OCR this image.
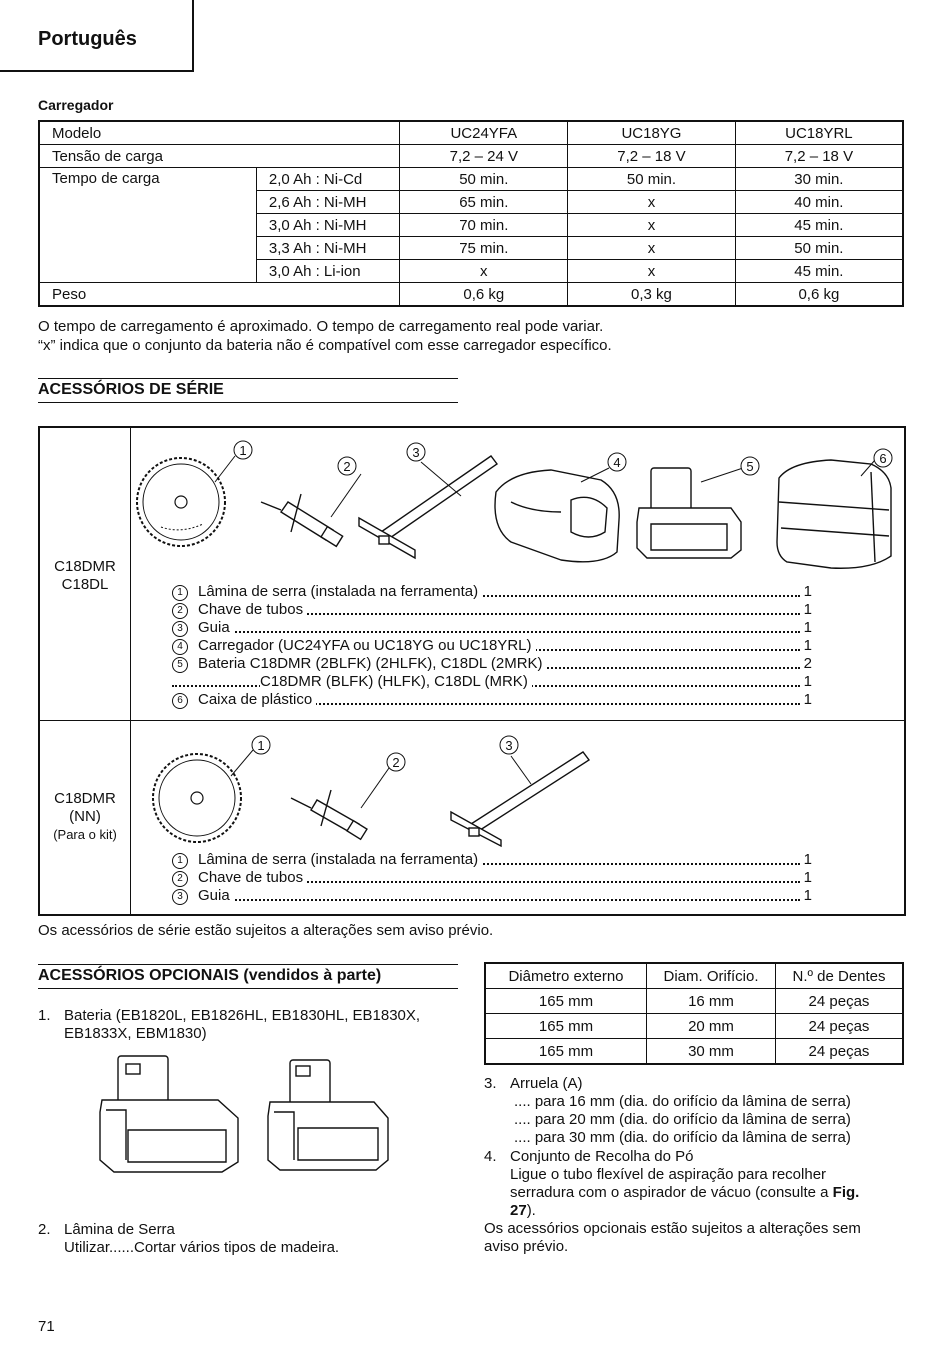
Português
Carregador
Modelo		UC24YFA	UC18YG	UC18YRL
Tensão de carga		7,2 – 24 V	7,2 – 18 V	7,2 – 18 V
Tempo de carga	2,0 Ah : Ni-Cd	50 min.	50 min.	30 min.
	2,6 Ah : Ni-MH	65 min.	x	40 min.
	3,0 Ah : Ni-MH	70 min.	x	45 min.
	3,3 Ah : Ni-MH	75 min.	x	50 min.
	3,0 Ah : Li-ion	x	x	45 min.
Peso		0,6 kg	0,3 kg	0,6 kg
O tempo de carregamento é aproximado. O tempo de carregamento real pode variar.
“x” indica que o conjunto da bateria não é compatível com esse carregador específico.
ACESSÓRIOS DE SÉRIE
C18DMR
C18DL
C18DMR
(NN)
(Para o kit)
1
2
3
4	5
6
1
2
3
1 Lâmina de serra (instalada na ferramenta)	1
2 Chave de tubos	1
3 Guia	1
4 Carregador (UC24YFA ou UC18YG ou UC18YRL)	1
5 Bateria C18DMR (2BLFK) (2HLFK), C18DL (2MRK)	2
C18DMR (BLFK) (HLFK), C18DL (MRK)	1
6 Caixa de plástico	1
1 Lâmina de serra (instalada na ferramenta)	1
2 Chave de tubos	1
3 Guia	1
Os acessórios de série estão sujeitos a alterações sem aviso prévio.
ACESSÓRIOS OPCIONAIS (vendidos à parte)
1. Bateria (EB1820L, EB1826HL, EB1830HL, EB1830X,
EB1833X, EBM1830)
2. Lâmina de Serra
Utilizar......Cortar vários tipos de madeira.
Diâmetro externo	Diam. Orifício.	N.º de Dentes
165 mm	16 mm	24 peças
165 mm	20 mm	24 peças
165 mm	30 mm	24 peças
3. Arruela (A)
.... para 16 mm (dia. do orifício da lâmina de serra)
.... para 20 mm (dia. do orifício da lâmina de serra)
.... para 30 mm (dia. do orifício da lâmina de serra)
4. Conjunto de Recolha do Pó
Ligue o tubo flexível de aspiração para recolher
serradura com o aspirador de vácuo (consulte a Fig.
27).
Os acessórios opcionais estão sujeitos a alterações sem
aviso prévio.
71
